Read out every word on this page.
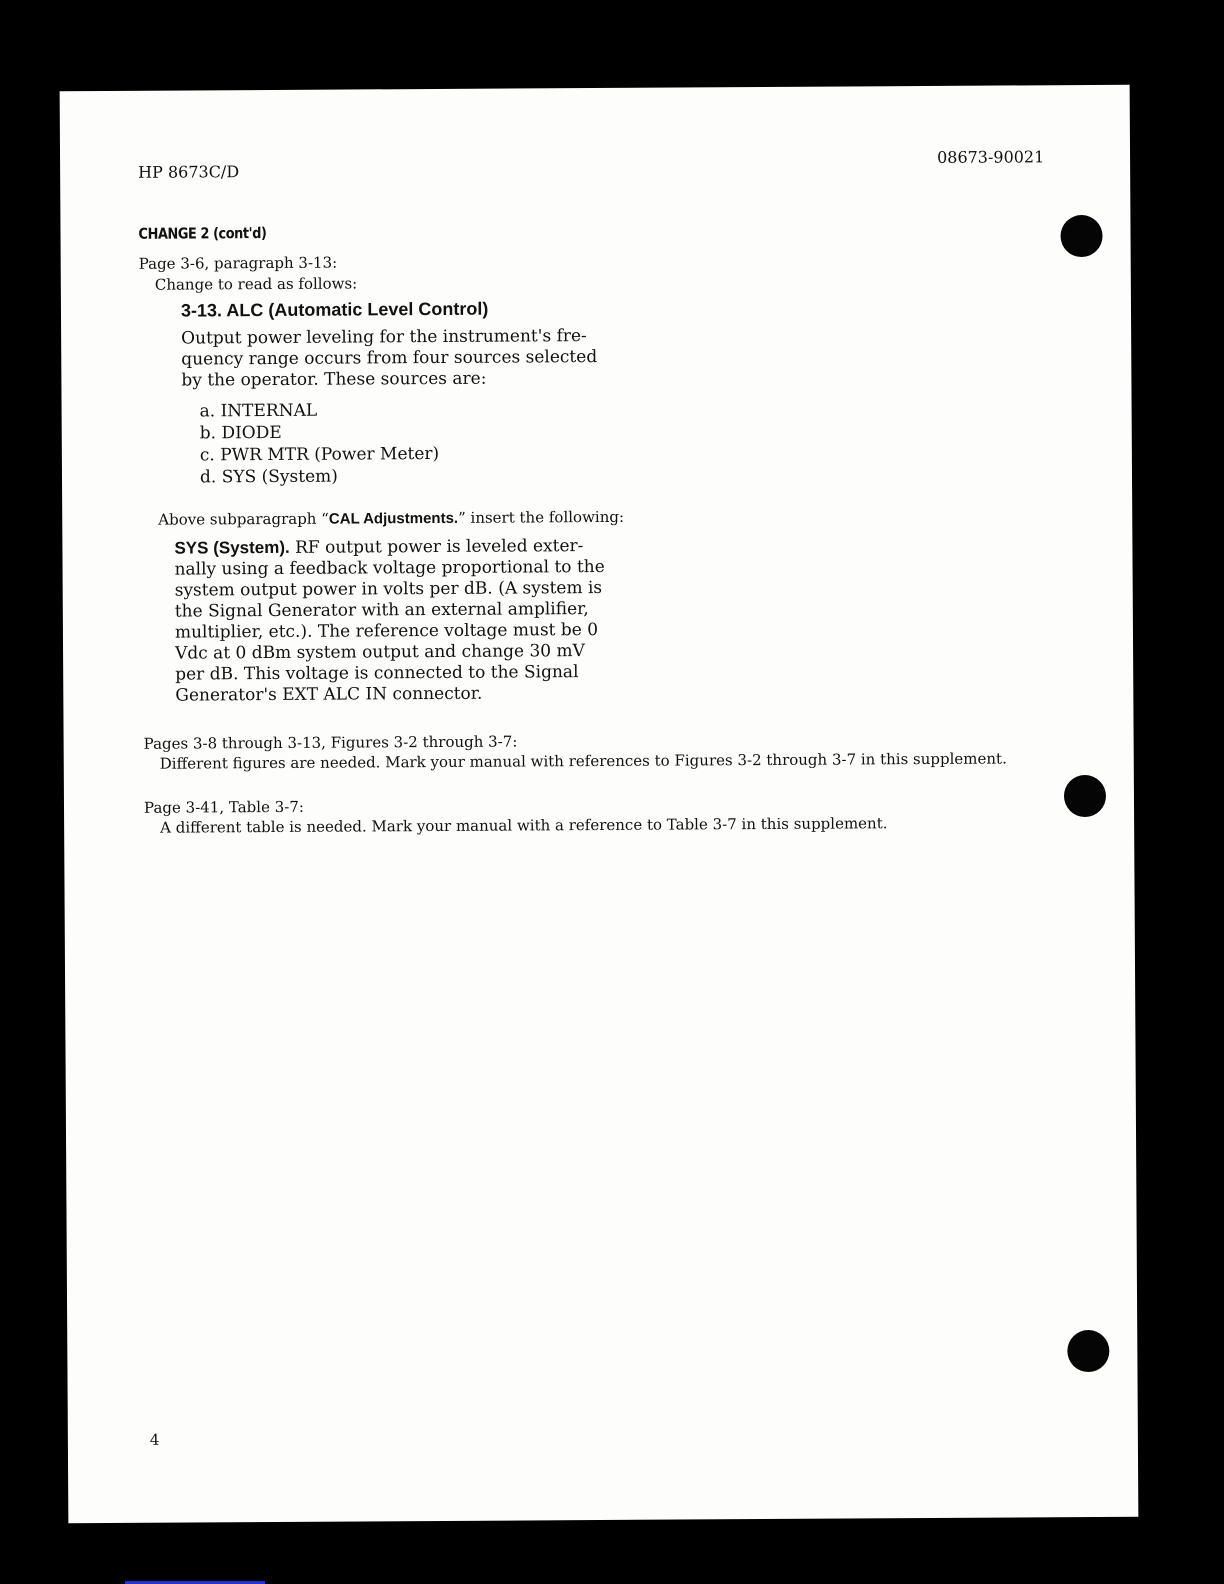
HP 8673C/D
08673-90021
CHANGE 2 (cont'd)
Page 3-6, paragraph 3-13:
Change to read as follows:
3-13. ALC (Automatic Level Control)
Output power leveling for the instrument's fre-
quency range occurs from four sources selected
by the operator. These sources are:
a. INTERNAL
b. DIODE
c. PWR MTR (Power Meter)
d. SYS (System)
Above subparagraph “CAL Adjustments.” insert the following:
SYS (System). RF output power is leveled exter-
nally using a feedback voltage proportional to the
system output power in volts per dB. (A system is
the Signal Generator with an external amplifier,
multiplier, etc.). The reference voltage must be 0
Vdc at 0 dBm system output and change 30 mV
per dB. This voltage is connected to the Signal
Generator's EXT ALC IN connector.
Pages 3-8 through 3-13, Figures 3-2 through 3-7:
Different figures are needed. Mark your manual with references to Figures 3-2 through 3-7 in this supplement.
Page 3-41, Table 3-7:
A different table is needed. Mark your manual with a reference to Table 3-7 in this supplement.
4
